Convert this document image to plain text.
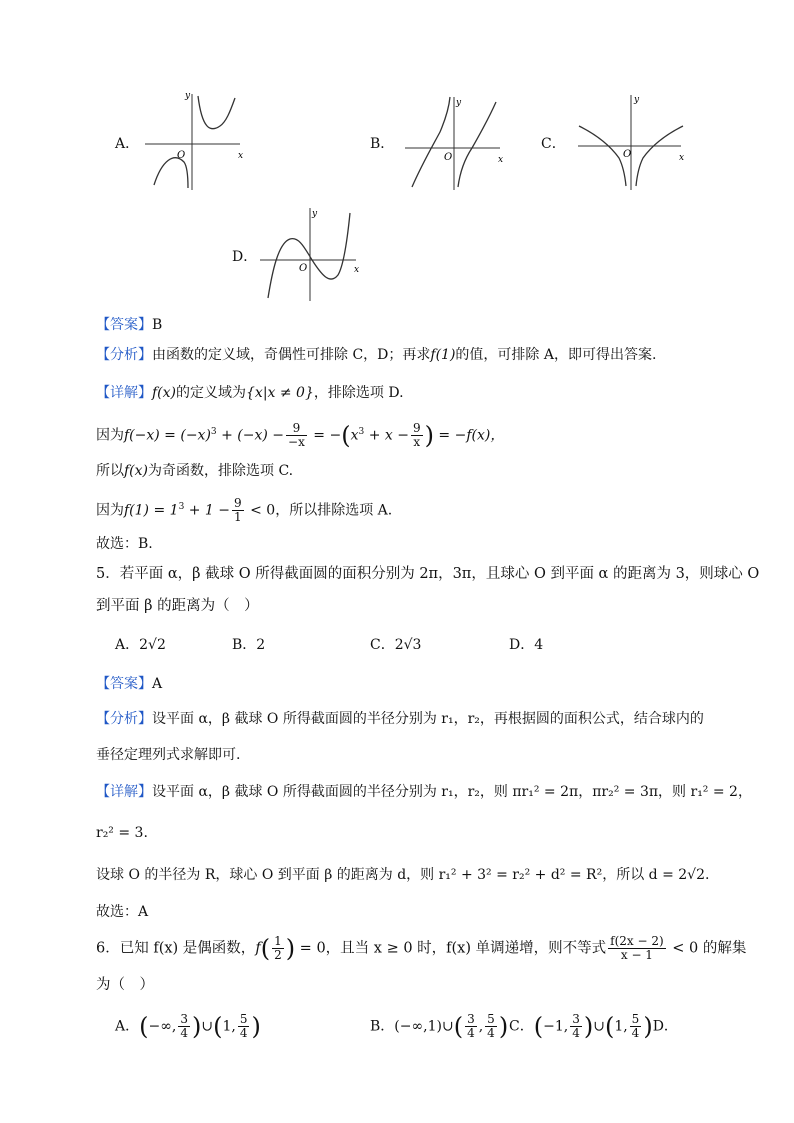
A．
x
y
O
B．
x
y
O
C．
x
y
O
D．
x
y
O
【答案】B
【分析】由函数的定义域，奇偶性可排除 C，D；再求f(1)的值，可排除 A，即可得出答案.
【详解】f(x)的定义域为{x|x ≠ 0}，排除选项 D.
因为$f(-x) = (-x)^3 + (-x) - \frac{9}{-x} = -(x^3 + x - \frac{9}{x}$ ) = −f(x)，
所以f(x)为奇函数，排除选项 C.
因为$f(1) = 1^3 + 1 - \frac{9}{1} < 0$，所以排除选项 A.
故选：B.
5．若平面 α，β 截球 O 所得截面圆的面积分别为 2π，3π，且球心 O 到平面 α 的距离为 3，则球心 O
到平面 β 的距离为（　）
A．2√2	B．2	C．2√3	D．4
【答案】A
【分析】设平面 α，β 截球 O 所得截面圆的半径分别为 r₁，r₂，再根据圆的面积公式，结合球内的
垂径定理列式求解即可.
【详解】设平面 α，β 截球 O 所得截面圆的半径分别为 r₁，r₂，则 πr₁² = 2π，πr₂² = 3π，则 r₁² = 2，
r₂² = 3.
设球 O 的半径为 R，球心 O 到平面 β 的距离为 d，则 r₁² + 3² = r₂² + d² = R²，所以 d = 2√2.
故选：A
6．已知 f(x) 是偶函数，$f( \frac{1}{2}$ ) = 0，且当 x ≥ 0 时，f(x) 单调递增，则不等式 $\frac{f(2x - 2)}{x - 1} < 0$ 的解集
为（　）
A．(−∞, $\frac{3}{4}$ )∪(1, $\frac{5}{4}$ )	B．(−∞,1)∪( $\frac{3}{4}$ , $\frac{5}{4}$ ) C．(−1, $\frac{3}{4}$ )∪(1, $\frac{5}{4} )D$．
